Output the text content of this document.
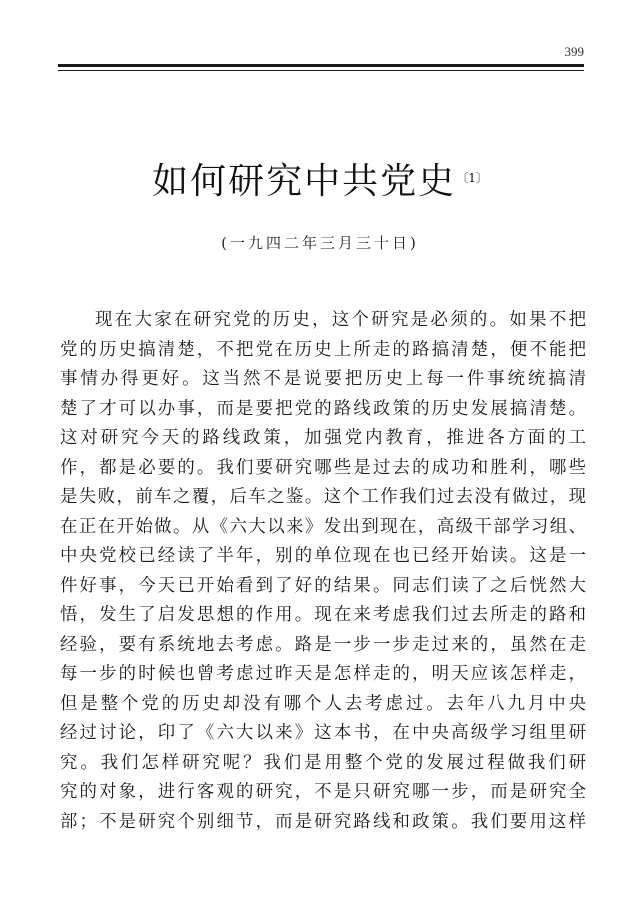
399
如何研究中共党史$^{〔1〕}$
(一九四二年三月三十日)
现在大家在研究党的历史，这个研究是必须的。如果不把
党的历史搞清楚，不把党在历史上所走的路搞清楚，便不能把
事情办得更好。这当然不是说要把历史上每一件事统统搞清
楚了才可以办事，而是要把党的路线政策的历史发展搞清楚。
这对研究今天的路线政策，加强党内教育，推进各方面的工
作，都是必要的。我们要研究哪些是过去的成功和胜利，哪些
是失败，前车之覆，后车之鉴。这个工作我们过去没有做过，现
在正在开始做。从《六大以来》发出到现在，高级干部学习组、
中央党校已经读了半年，别的单位现在也已经开始读。这是一
件好事，今天已开始看到了好的结果。同志们读了之后恍然大
悟，发生了启发思想的作用。现在来考虑我们过去所走的路和
经验，要有系统地去考虑。路是一步一步走过来的，虽然在走
每一步的时候也曾考虑过昨天是怎样走的，明天应该怎样走，
但是整个党的历史却没有哪个人去考虑过。去年八九月中央
经过讨论，印了《六大以来》这本书，在中央高级学习组里研
究。我们怎样研究呢？我们是用整个党的发展过程做我们研
究的对象，进行客观的研究，不是只研究哪一步，而是研究全
部；不是研究个别细节，而是研究路线和政策。我们要用这样
